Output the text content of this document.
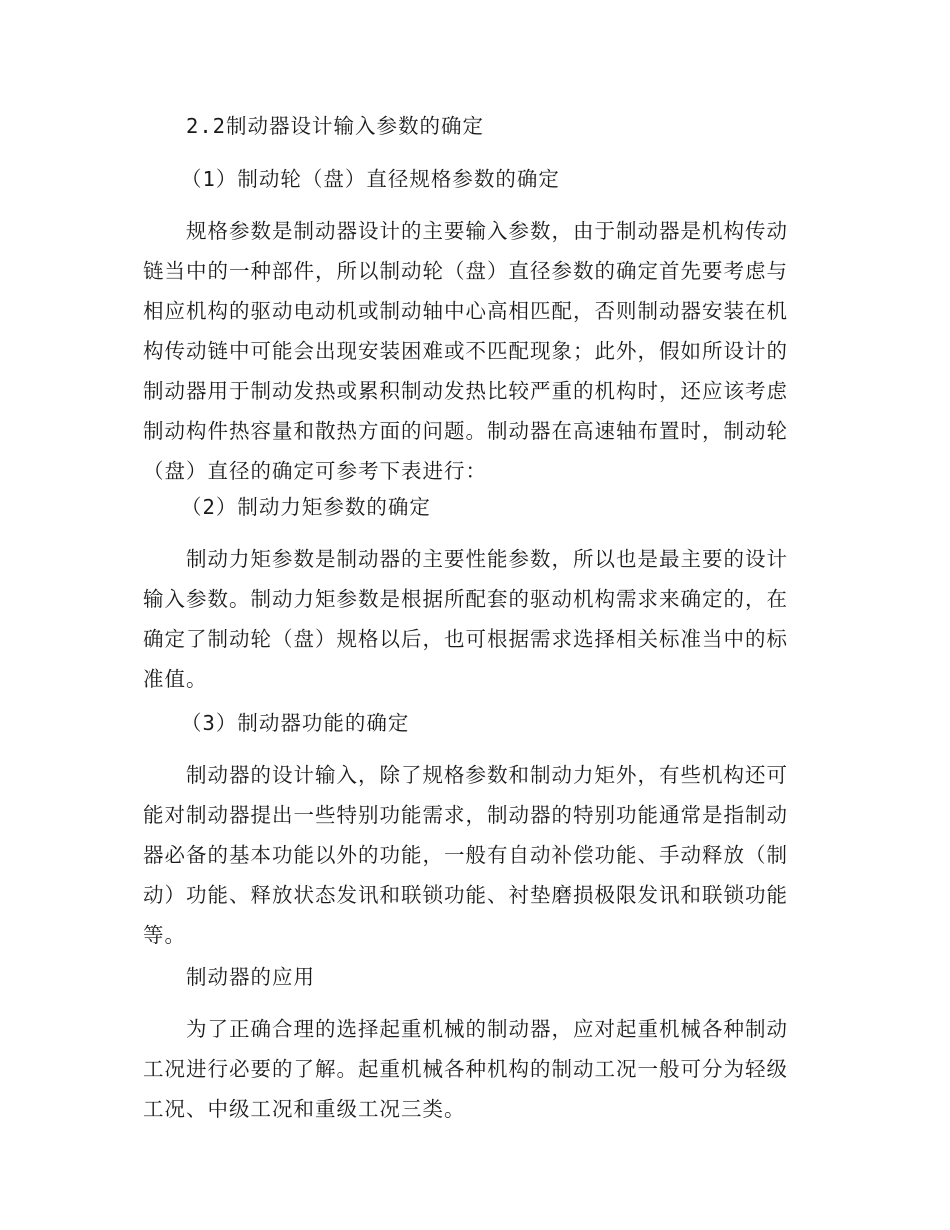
2.2制动器设计输入参数的确定

（1）制动轮（盘）直径规格参数的确定

规格参数是制动器设计的主要输入参数，由于制动器是机构传动链当中的一种部件，所以制动轮（盘）直径参数的确定首先要考虑与相应机构的驱动电动机或制动轴中心高相匹配，否则制动器安装在机构传动链中可能会出现安装困难或不匹配现象；此外，假如所设计的制动器用于制动发热或累积制动发热比较严重的机构时，还应该考虑制动构件热容量和散热方面的问题。制动器在高速轴布置时，制动轮（盘）直径的确定可参考下表进行：

（2）制动力矩参数的确定

制动力矩参数是制动器的主要性能参数，所以也是最主要的设计输入参数。制动力矩参数是根据所配套的驱动机构需求来确定的，在确定了制动轮（盘）规格以后，也可根据需求选择相关标准当中的标准值。

（3）制动器功能的确定

制动器的设计输入，除了规格参数和制动力矩外，有些机构还可能对制动器提出一些特别功能需求，制动器的特别功能通常是指制动器必备的基本功能以外的功能，一般有自动补偿功能、手动释放（制动）功能、释放状态发讯和联锁功能、衬垫磨损极限发讯和联锁功能等。

制动器的应用

为了正确合理的选择起重机械的制动器，应对起重机械各种制动工况进行必要的了解。起重机械各种机构的制动工况一般可分为轻级工况、中级工况和重级工况三类。
